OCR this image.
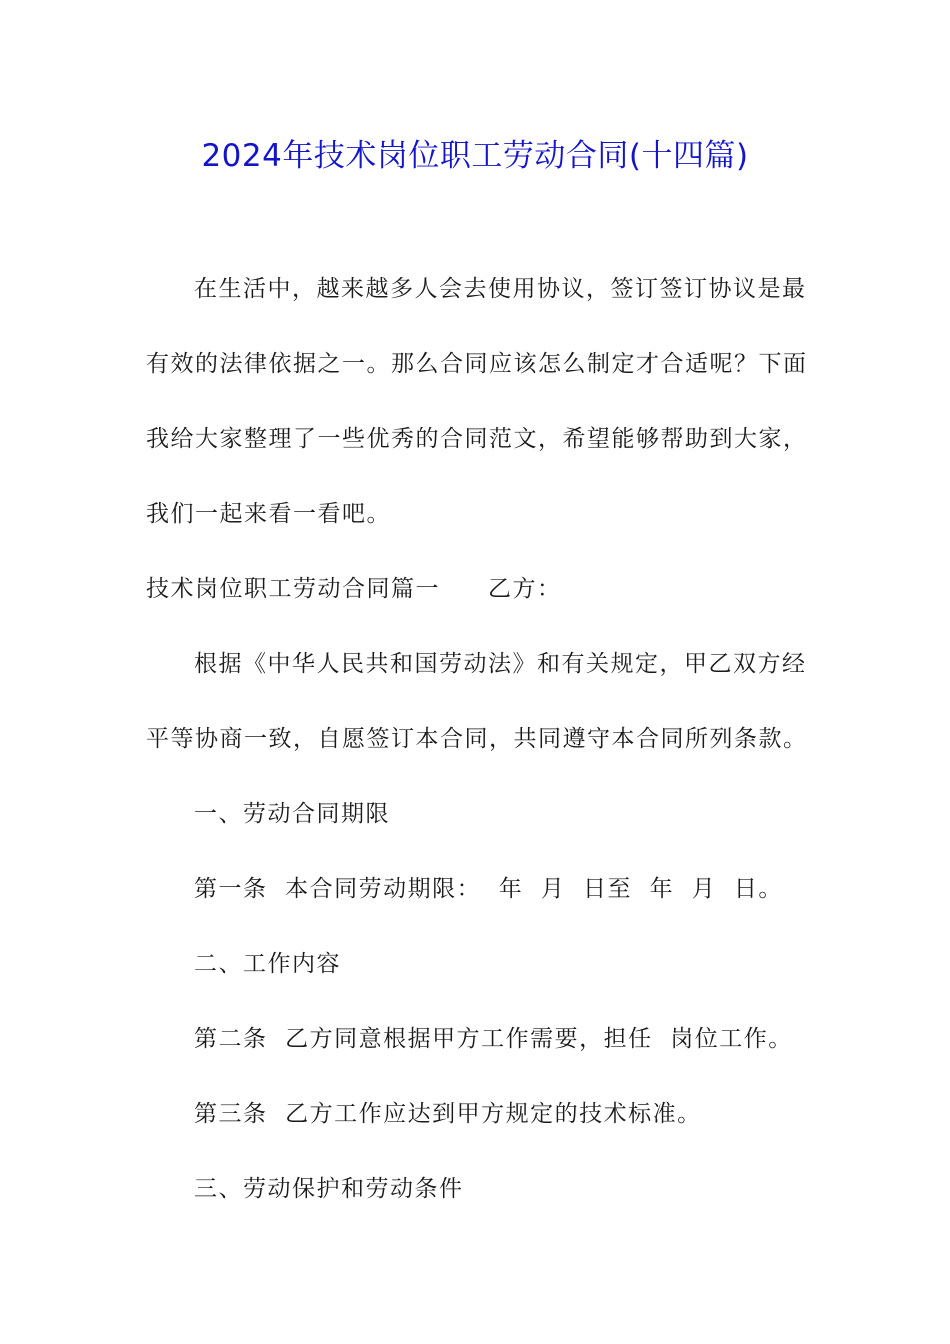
2024年技术岗位职工劳动合同(十四篇)

在生活中，越来越多人会去使用协议，签订签订协议是最

有效的法律依据之一。那么合同应该怎么制定才合适呢？下面

我给大家整理了一些优秀的合同范文，希望能够帮助到大家，

我们一起来看一看吧。

技术岗位职工劳动合同篇一 乙方：

根据《中华人民共和国劳动法》和有关规定，甲乙双方经

平等协商一致，自愿签订本合同，共同遵守本合同所列条款。

一、劳动合同期限

第一条  本合同劳动期限：  年  月  日至  年  月  日。

二、工作内容

第二条  乙方同意根据甲方工作需要，担任  岗位工作。

第三条  乙方工作应达到甲方规定的技术标准。

三、劳动保护和劳动条件
